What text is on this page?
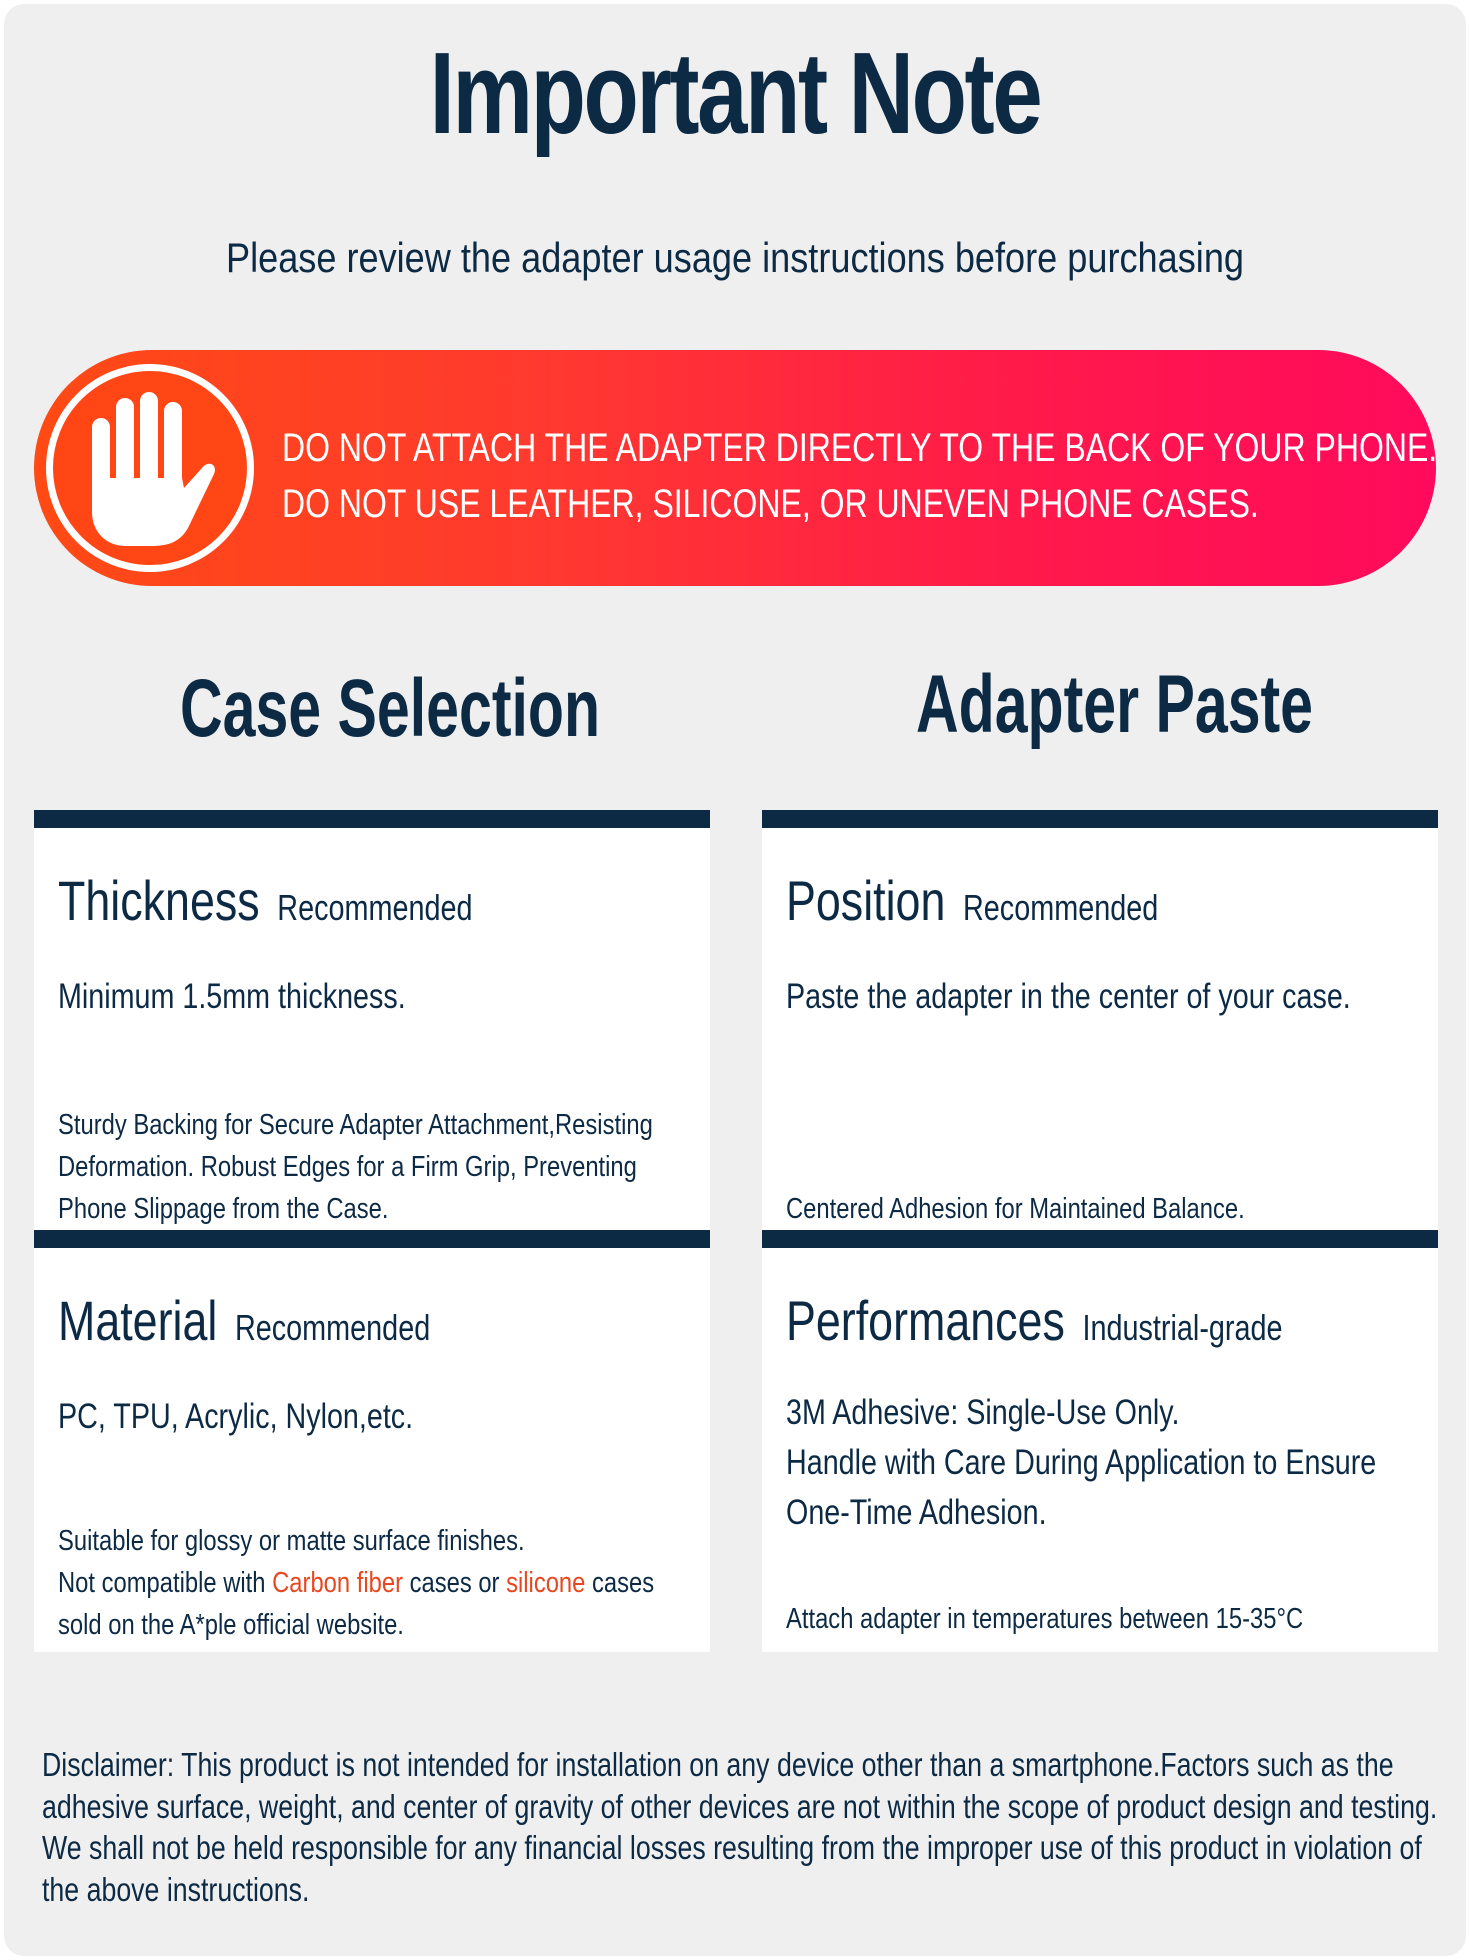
Important Note
Please review the adapter usage instructions before purchasing
DO NOT ATTACH THE ADAPTER DIRECTLY TO THE BACK OF YOUR PHONE.
DO NOT USE LEATHER, SILICONE, OR UNEVEN PHONE CASES.
Case Selection	Adapter Paste
Thickness Recommended
Minimum 1.5mm thickness.
Sturdy Backing for Secure Adapter Attachment,Resisting
Deformation. Robust Edges for a Firm Grip, Preventing
Phone Slippage from the Case.
Position Recommended
Paste the adapter in the center of your case.
Centered Adhesion for Maintained Balance.
Material Recommended
PC, TPU, Acrylic, Nylon,etc.
Suitable for glossy or matte surface finishes.
Not compatible with Carbon fiber cases or silicone cases
sold on the A*ple official website.
Performances Industrial-grade
3M Adhesive: Single-Use Only.
Handle with Care During Application to Ensure
One-Time Adhesion.
Attach adapter in temperatures between 15-35°C
Disclaimer: This product is not intended for installation on any device other than a smartphone.Factors such as the
adhesive surface, weight, and center of gravity of other devices are not within the scope of product design and testing.
We shall not be held responsible for any financial losses resulting from the improper use of this product in violation of
the above instructions.
